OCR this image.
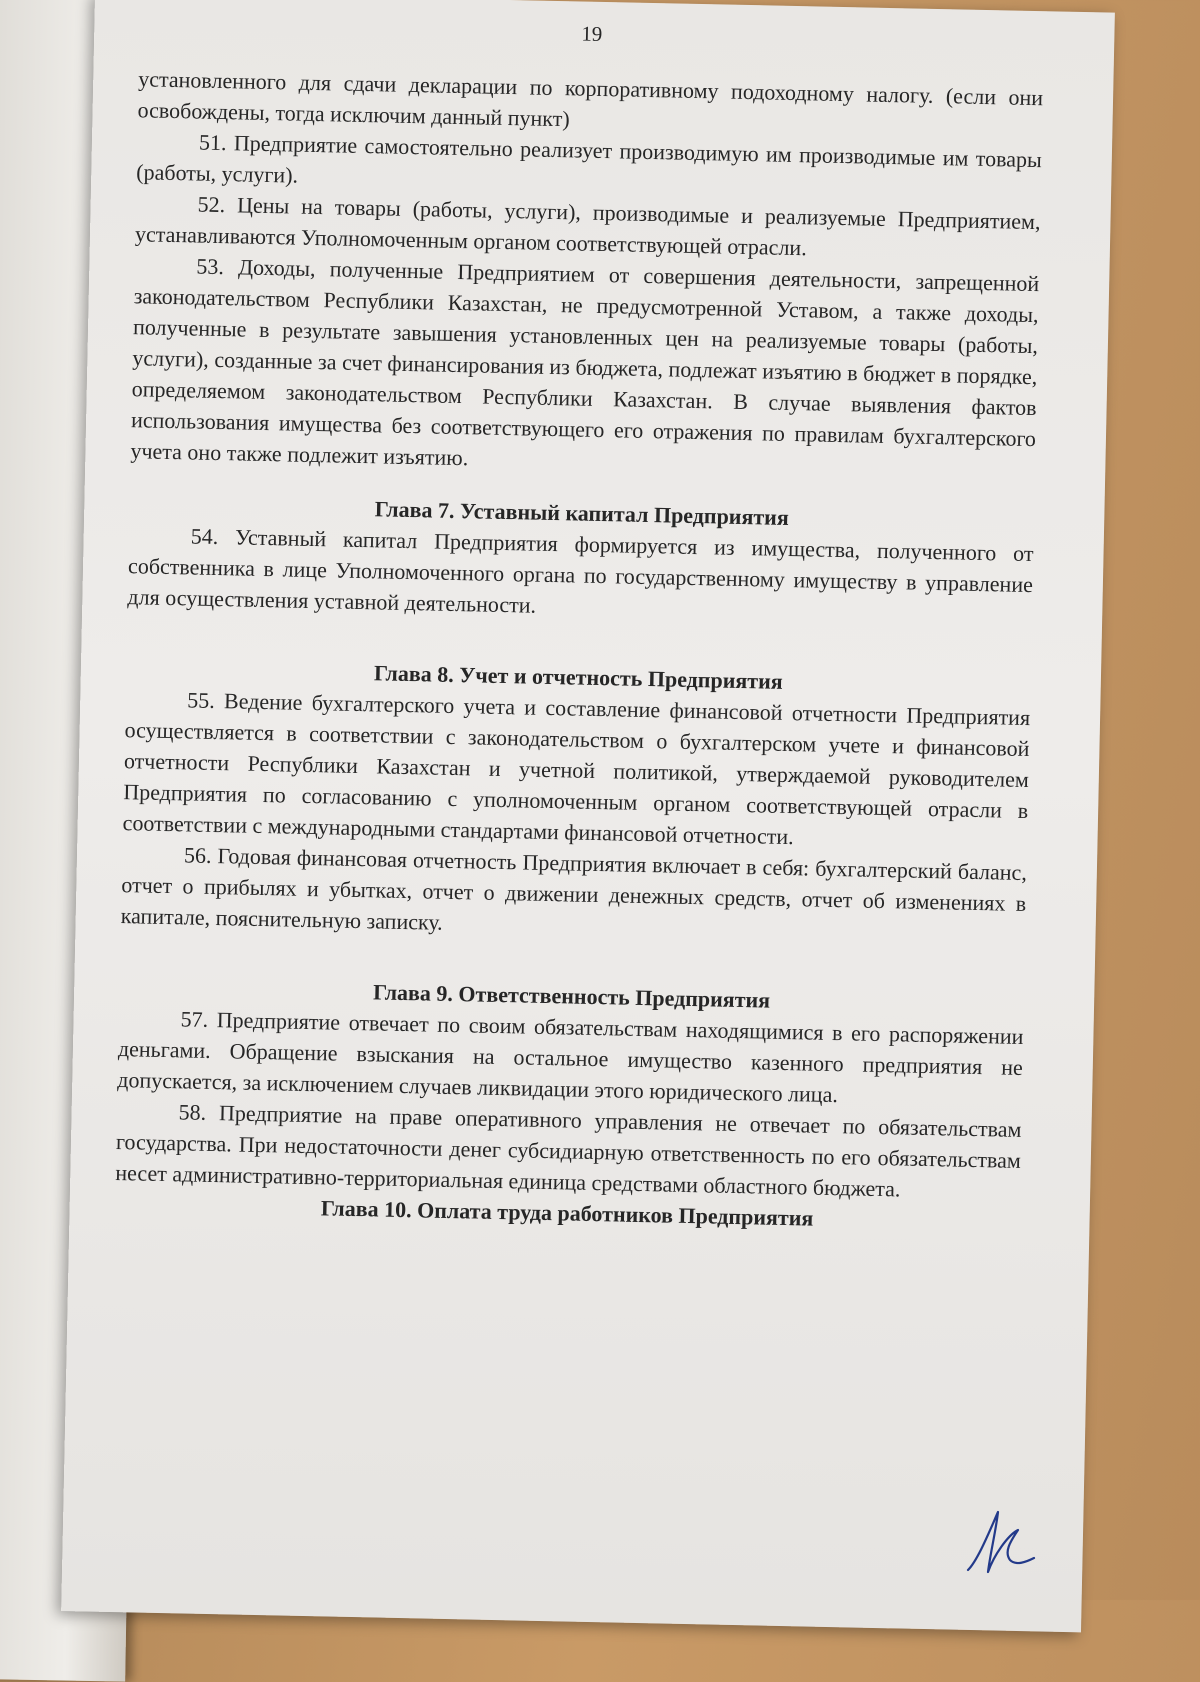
19

установленного для сдачи декларации по корпоративному подоходному налогу. (если они освобождены, тогда исключим данный пункт)

51. Предприятие самостоятельно реализует производимую им производимые им товары (работы, услуги).

52. Цены на товары (работы, услуги), производимые и реализуемые Предприятием, устанавливаются Уполномоченным органом соответствующей отрасли.

53. Доходы, полученные Предприятием от совершения деятельности, запрещенной законодательством Республики Казахстан, не предусмотренной Уставом, а также доходы, полученные в результате завышения установленных цен на реализуемые товары (работы, услуги), созданные за счет финансирования из бюджета, подлежат изъятию в бюджет в порядке, определяемом законодательством Республики Казахстан. В случае выявления фактов использования имущества без соответствующего его отражения по правилам бухгалтерского учета оно также подлежит изъятию.

Глава 7. Уставный капитал Предприятия

54. Уставный капитал Предприятия формируется из имущества, полученного от собственника в лице Уполномоченного органа по государственному имуществу в управление для осуществления уставной деятельности.

Глава 8. Учет и отчетность Предприятия

55. Ведение бухгалтерского учета и составление финансовой отчетности Предприятия осуществляется в соответствии с законодательством о бухгалтерском учете и финансовой отчетности Республики Казахстан и учетной политикой, утверждаемой руководителем Предприятия по согласованию с уполномоченным органом соответствующей отрасли в соответствии с международными стандартами финансовой отчетности.

56. Годовая финансовая отчетность Предприятия включает в себя: бухгалтерский баланс, отчет о прибылях и убытках, отчет о движении денежных средств, отчет об изменениях в капитале, пояснительную записку.

Глава 9. Ответственность Предприятия

57. Предприятие отвечает по своим обязательствам находящимися в его распоряжении деньгами. Обращение взыскания на остальное имущество казенного предприятия не допускается, за исключением случаев ликвидации этого юридического лица.

58. Предприятие на праве оперативного управления не отвечает по обязательствам государства. При недостаточности денег субсидиарную ответственность по его обязательствам несет административно-территориальная единица средствами областного бюджета.

Глава 10. Оплата труда работников Предприятия
